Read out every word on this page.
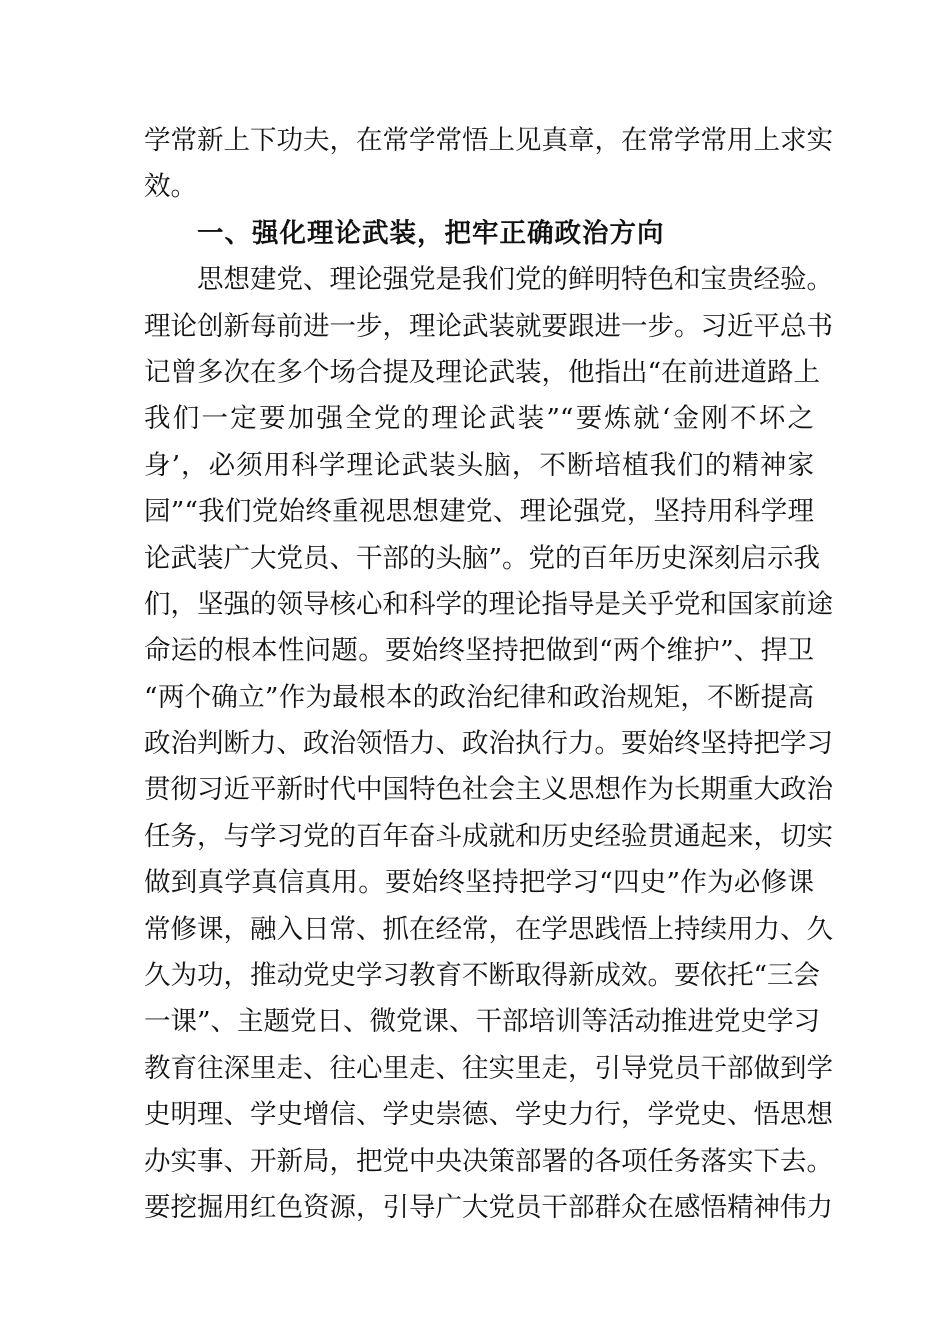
学常新上下功夫，在常学常悟上见真章，在常学常用上求实
效。
一、强化理论武装，把牢正确政治方向
思想建党、理论强党是我们党的鲜明特色和宝贵经验。
理论创新每前进一步，理论武装就要跟进一步。习近平总书
记曾多次在多个场合提及理论武装，他指出“在前进道路上
我们一定要加强全党的理论武装”“要炼就‘金刚不坏之
身’，必须用科学理论武装头脑，不断培植我们的精神家
园”“我们党始终重视思想建党、理论强党，坚持用科学理
论武装广大党员、干部的头脑”。党的百年历史深刻启示我
们，坚强的领导核心和科学的理论指导是关乎党和国家前途
命运的根本性问题。要始终坚持把做到“两个维护”、捍卫
“两个确立”作为最根本的政治纪律和政治规矩，不断提高
政治判断力、政治领悟力、政治执行力。要始终坚持把学习
贯彻习近平新时代中国特色社会主义思想作为长期重大政治
任务，与学习党的百年奋斗成就和历史经验贯通起来，切实
做到真学真信真用。要始终坚持把学习“四史”作为必修课
常修课，融入日常、抓在经常，在学思践悟上持续用力、久
久为功，推动党史学习教育不断取得新成效。要依托“三会
一课”、主题党日、微党课、干部培训等活动推进党史学习
教育往深里走、往心里走、往实里走，引导党员干部做到学
史明理、学史增信、学史崇德、学史力行，学党史、悟思想
办实事、开新局，把党中央决策部署的各项任务落实下去。
要挖掘用红色资源，引导广大党员干部群众在感悟精神伟力
